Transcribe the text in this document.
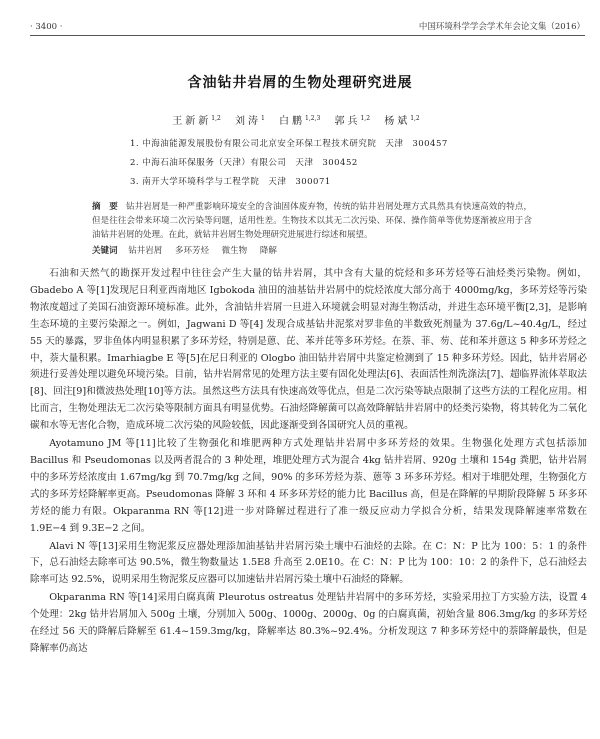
· 3400 ·	中国环境科学学会学术年会论文集（2016）
含油钻井岩屑的生物处理研究进展
王新新$^{1,2}$ 刘涛$^1$ 白鹏$^{1,2,3}$ 郭兵$^{1,2}$ 杨斌$^{1,2}$
1. 中海油能源发展股份有限公司北京安全环保工程技术研究院　天津　300457
2. 中海石油环保服务（天津）有限公司　天津　300452
3. 南开大学环境科学与工程学院　天津　300071
摘　要 钻井岩屑是一种严重影响环境安全的含油固体废弃物，传统的钻井岩屑处理方式具然具有快速高效的特点，但是往往会带来环境二次污染等问题，适用性差。生物技术以其无二次污染、环保、操作简单等优势逐渐被应用于含油钻井岩屑的处理。在此，就钻井岩屑生物处理研究进展进行综述和展望。
关键词 钻井岩屑 多环芳烃 微生物 降解

石油和天然气的勘探开发过程中往往会产生大量的钻井岩屑，其中含有大量的烷烃和多环芳烃等石油烃类污染物。例如，Gbadebo A 等[1]发现尼日利亚西南地区 Igbokoda 油田的油基钻井岩屑中的烷烃浓度大部分高于 4000mg/kg，多环芳烃等污染物浓度超过了美国石油资源环境标准。此外，含油钻井岩屑一旦进入环境就会明显对海生物活动，并进生态环境平衡[2,3]，是影响生态环境的主要污染源之一。例如，Jagwani D 等[4] 发现合成基钻井泥浆对罗非鱼的半数致死剂量为 37.6g/L~40.4g/L，经过 55 天的暴露，罗非鱼体内明显积累了多环芳烃，特别是蒽、芘、苯并芘等多环芳烃。在萘、菲、芴、芘和苯并蒽这 5 种多环芳烃之中，萘大量积累。Imarhiagbe E 等[5]在尼日利亚的 Ologbo 油田钻井岩屑中共鉴定检测到了 15 种多环芳烃。因此，钻井岩屑必须进行妥善处理以避免环境污染。目前，钻井岩屑常见的处理方法主要有固化处理法[6]、表面活性剂洗涤法[7]、超临界流体萃取法[8]、回注[9]和微波热处理[10]等方法。虽然这些方法具有快速高效等优点，但是二次污染等缺点限制了这些方法的工程化应用。相比而言，生物处理法无二次污染等限制方面具有明显优势。石油烃降解菌可以高效降解钻井岩屑中的烃类污染物，将其转化为二氧化碳和水等无害化合物，造成环境二次污染的风险较低，因此逐渐受到各国研究人员的重视。

Ayotamuno JM 等[11]比较了生物强化和堆肥两种方式处理钻井岩屑中多环芳烃的效果。生物强化处理方式包括添加 Bacillus 和 Pseudomonas 以及两者混合的 3 种处理，堆肥处理方式为混合 4kg 钻井岩屑、920g 土壤和 154g 粪肥，钻井岩屑中的多环芳烃浓度由 1.67mg/kg 到 70.7mg/kg 之间，90% 的多环芳烃为萘、蒽等 3 环多环芳烃。相对于堆肥处理，生物强化方式的多环芳烃降解率更高。Pseudomonas 降解 3 环和 4 环多环芳烃的能力比 Bacillus 高，但是在降解的早期阶段降解 5 环多环芳烃的能力有限。Okparanma RN 等[12]进一步对降解过程进行了准一级反应动力学拟合分析，结果发现降解速率常数在 1.9E−4 到 9.3E−2 之间。

Alavi N 等[13]采用生物泥浆反应器处理添加油基钻井岩屑污染土壤中石油烃的去除。在 C：N：P 比为 100：5：1 的条件下，总石油烃去除率可达 90.5%，微生物数量达 1.5E8 升高至 2.0E10。在 C：N：P 比为 100：10：2 的条件下，总石油烃去除率可达 92.5%，说明采用生物泥浆反应器可以加速钻井岩屑污染土壤中石油烃的降解。

Okparanma RN 等[14]采用白腐真菌 Pleurotus ostreatus 处理钻井岩屑中的多环芳烃，实验采用拉丁方实验方法，设置 4 个处理：2kg 钻井岩屑加入 500g 土壤，分别加入 500g、1000g、2000g、0g 的白腐真菌，初始含量 806.3mg/kg 的多环芳烃在经过 56 天的降解后降解至 61.4~159.3mg/kg，降解率达 80.3%~92.4%。分析发现这 7 种多环芳烃中的萘降解最快，但是降解率仍高达
